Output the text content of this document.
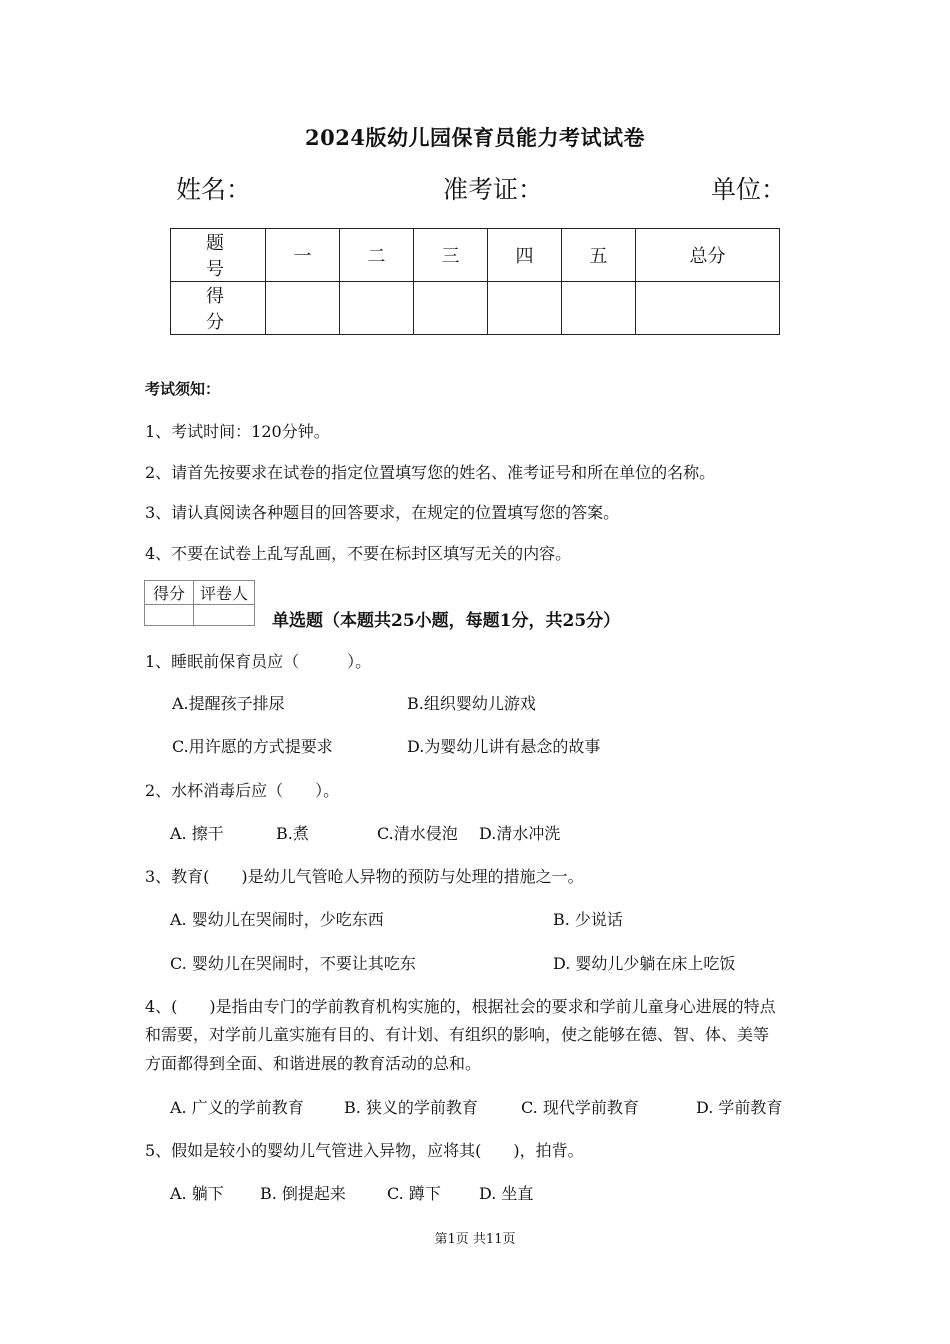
2024版幼儿园保育员能力考试试卷
姓名：	准考证：	单位：
题　号	一	二	三	四	五	总分
得　分						
考试须知：
1、考试时间：120分钟。
2、请首先按要求在试卷的指定位置填写您的姓名、准考证号和所在单位的名称。
3、请认真阅读各种题目的回答要求，在规定的位置填写您的答案。
4、不要在试卷上乱写乱画，不要在标封区填写无关的内容。
得分	评卷人

单选题（本题共25小题，每题1分，共25分）
1、睡眠前保育员应（　　　）。
A.提醒孩子排尿	B.组织婴幼儿游戏
C.用许愿的方式提要求	D.为婴幼儿讲有悬念的故事
2、水杯消毒后应（　　）。
A. 擦干	B.煮	C.清水侵泡 D.清水冲洗
3、教育(　　)是幼儿气管呛人异物的预防与处理的措施之一。
A. 婴幼儿在哭闹时，少吃东西	B. 少说话
C. 婴幼儿在哭闹时，不要让其吃东	D. 婴幼儿少躺在床上吃饭
4、(　　)是指由专门的学前教育机构实施的，根据社会的要求和学前儿童身心进展的特点
和需要，对学前儿童实施有目的、有计划、有组织的影响，使之能够在德、智、体、美等
方面都得到全面、和谐进展的教育活动的总和。
A. 广义的学前教育	B. 狭义的学前教育	C. 现代学前教育	D. 学前教育
5、假如是较小的婴幼儿气管进入异物，应将其(　　)，拍背。
A. 躺下 B. 倒提起来	C. 蹲下 D. 坐直
第1页 共11页
